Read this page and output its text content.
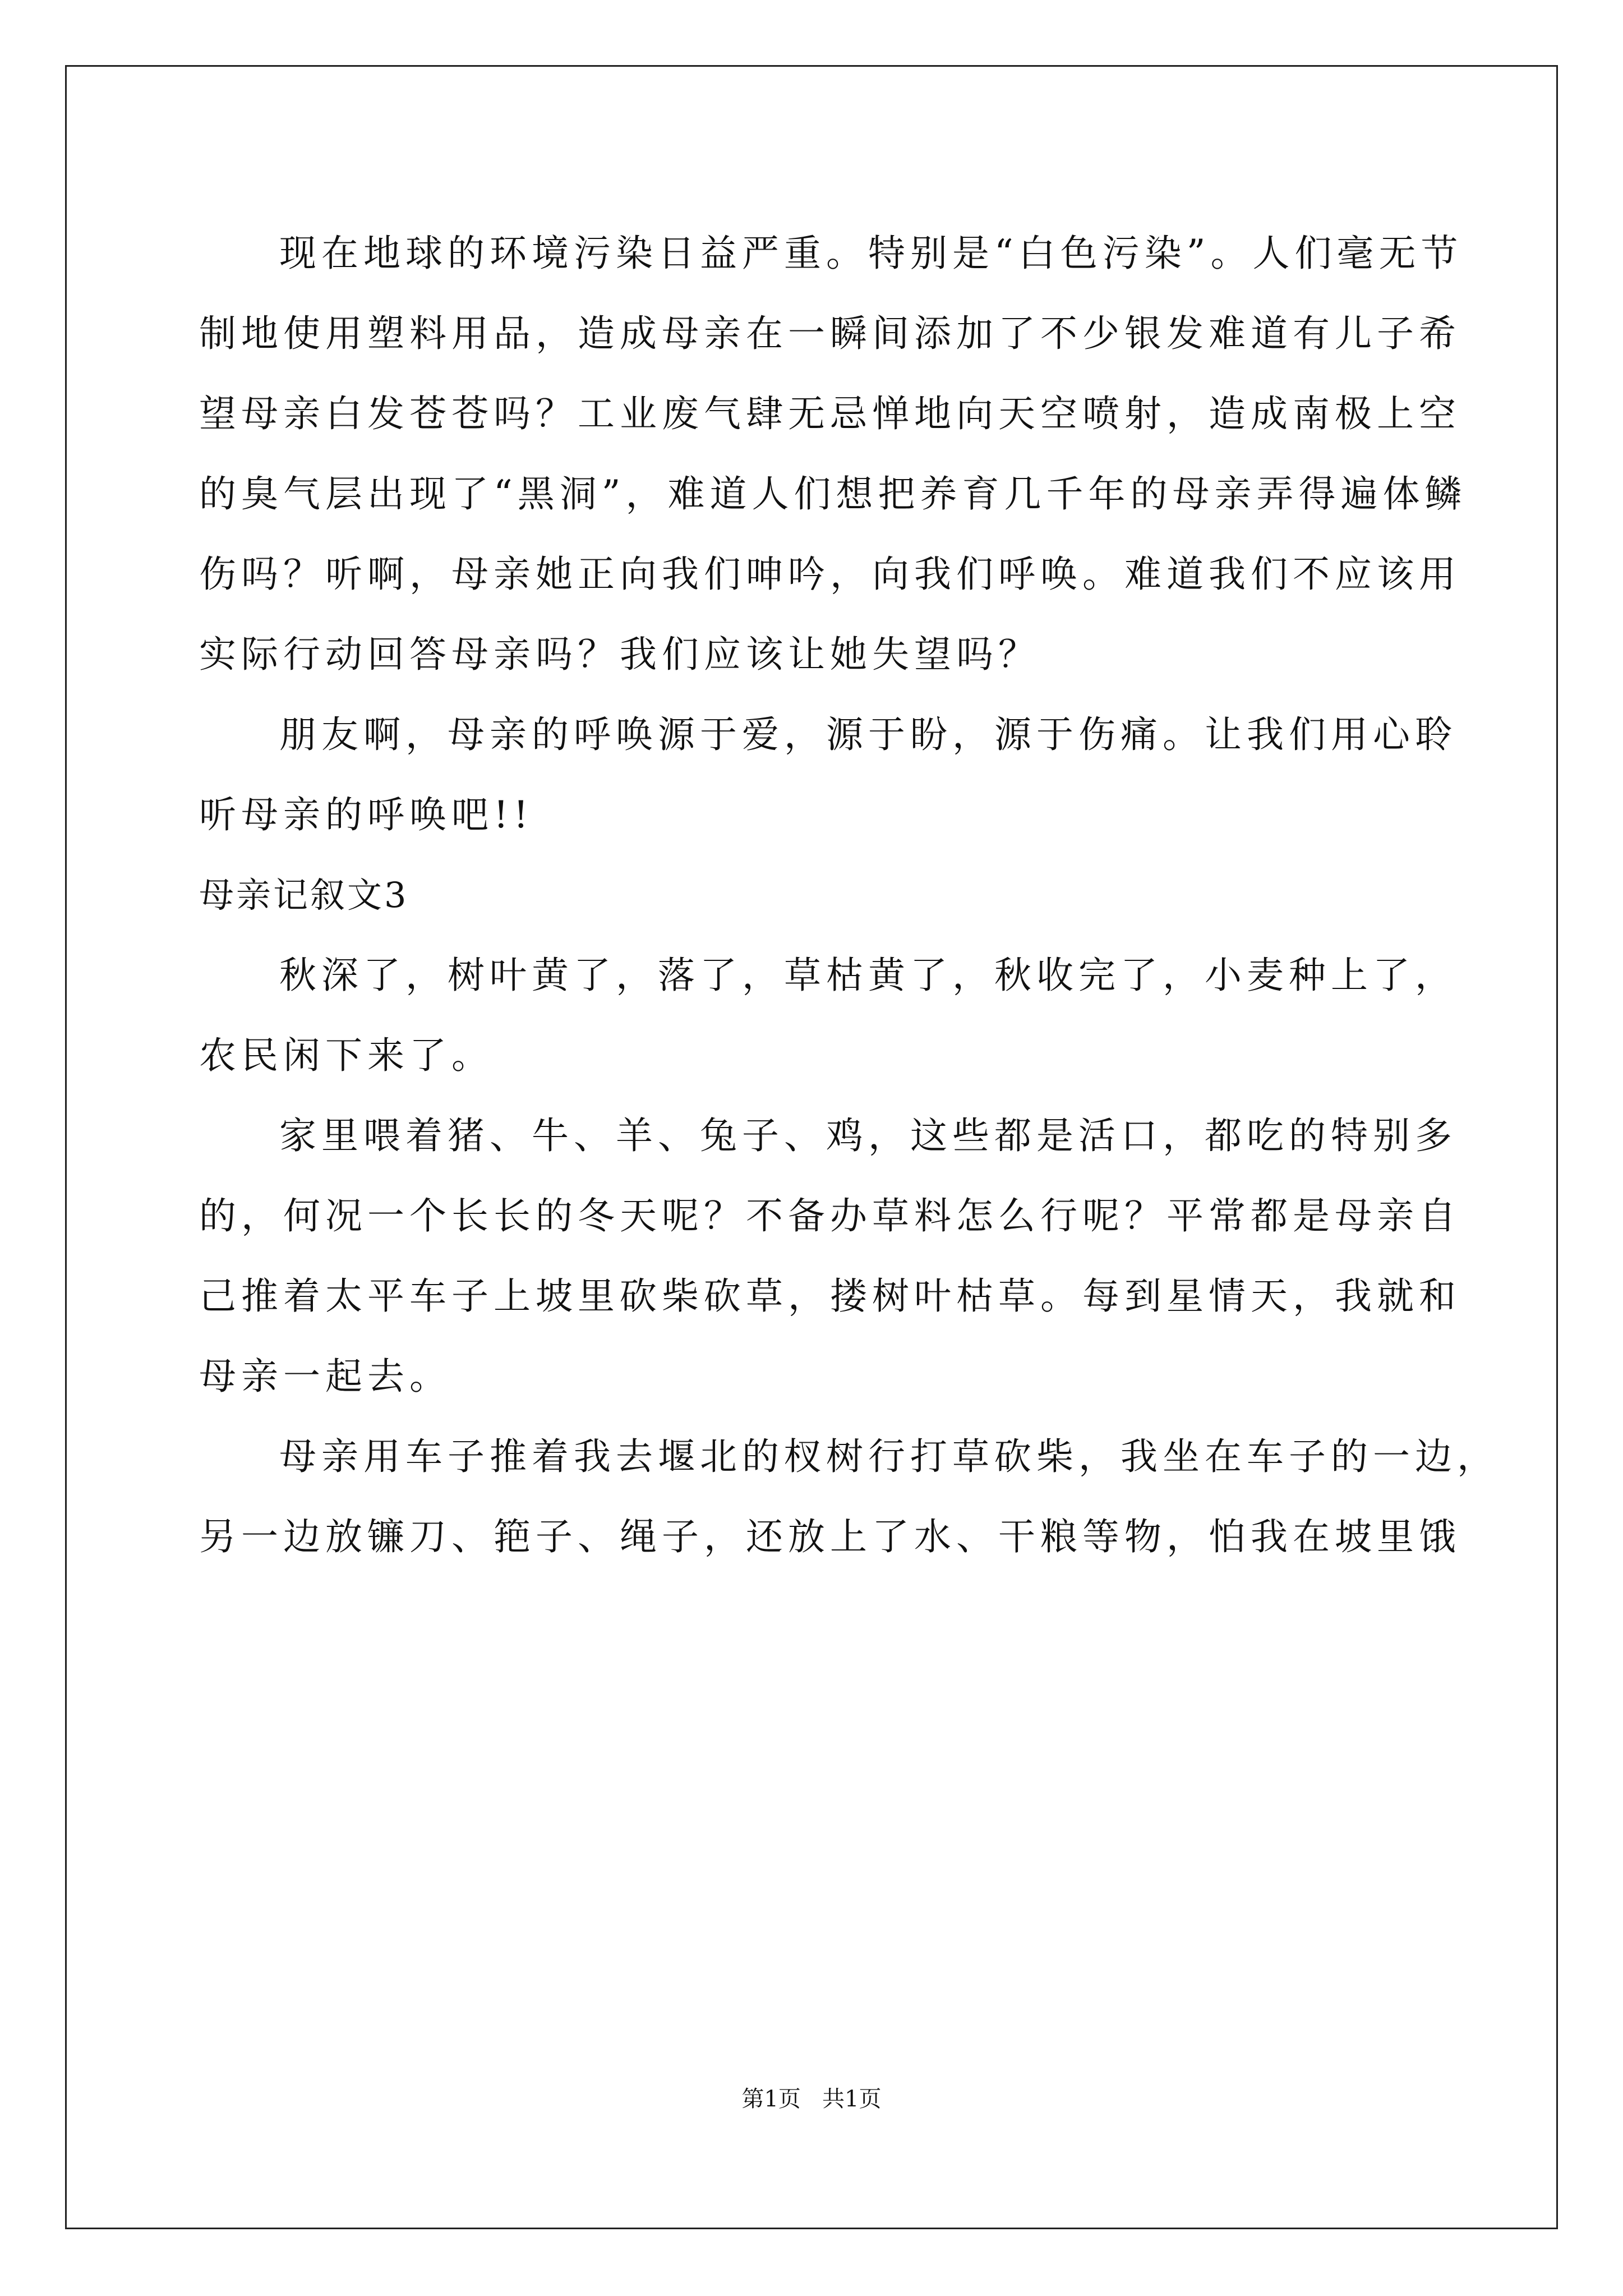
现在地球的环境污染日益严重。特别是“白色污染”。人们毫无节
制地使用塑料用品，造成母亲在一瞬间添加了不少银发难道有儿子希
望母亲白发苍苍吗？工业废气肆无忌惮地向天空喷射，造成南极上空
的臭气层出现了“黑洞”，难道人们想把养育几千年的母亲弄得遍体鳞
伤吗？听啊，母亲她正向我们呻吟，向我们呼唤。难道我们不应该用
实际行动回答母亲吗？我们应该让她失望吗？
朋友啊，母亲的呼唤源于爱，源于盼，源于伤痛。让我们用心聆
听母亲的呼唤吧!!
母亲记叙文3
秋深了，树叶黄了，落了，草枯黄了，秋收完了，小麦种上了，
农民闲下来了。
家里喂着猪、牛、羊、兔子、鸡，这些都是活口，都吃的特别多
的，何况一个长长的冬天呢？不备办草料怎么行呢？平常都是母亲自
己推着太平车子上坡里砍柴砍草，搂树叶枯草。每到星情天，我就和
母亲一起去。
母亲用车子推着我去堰北的杈树行打草砍柴，我坐在车子的一边，
另一边放镰刀、筢子、绳子，还放上了水、干粮等物，怕我在坡里饿
第1页   共1页
